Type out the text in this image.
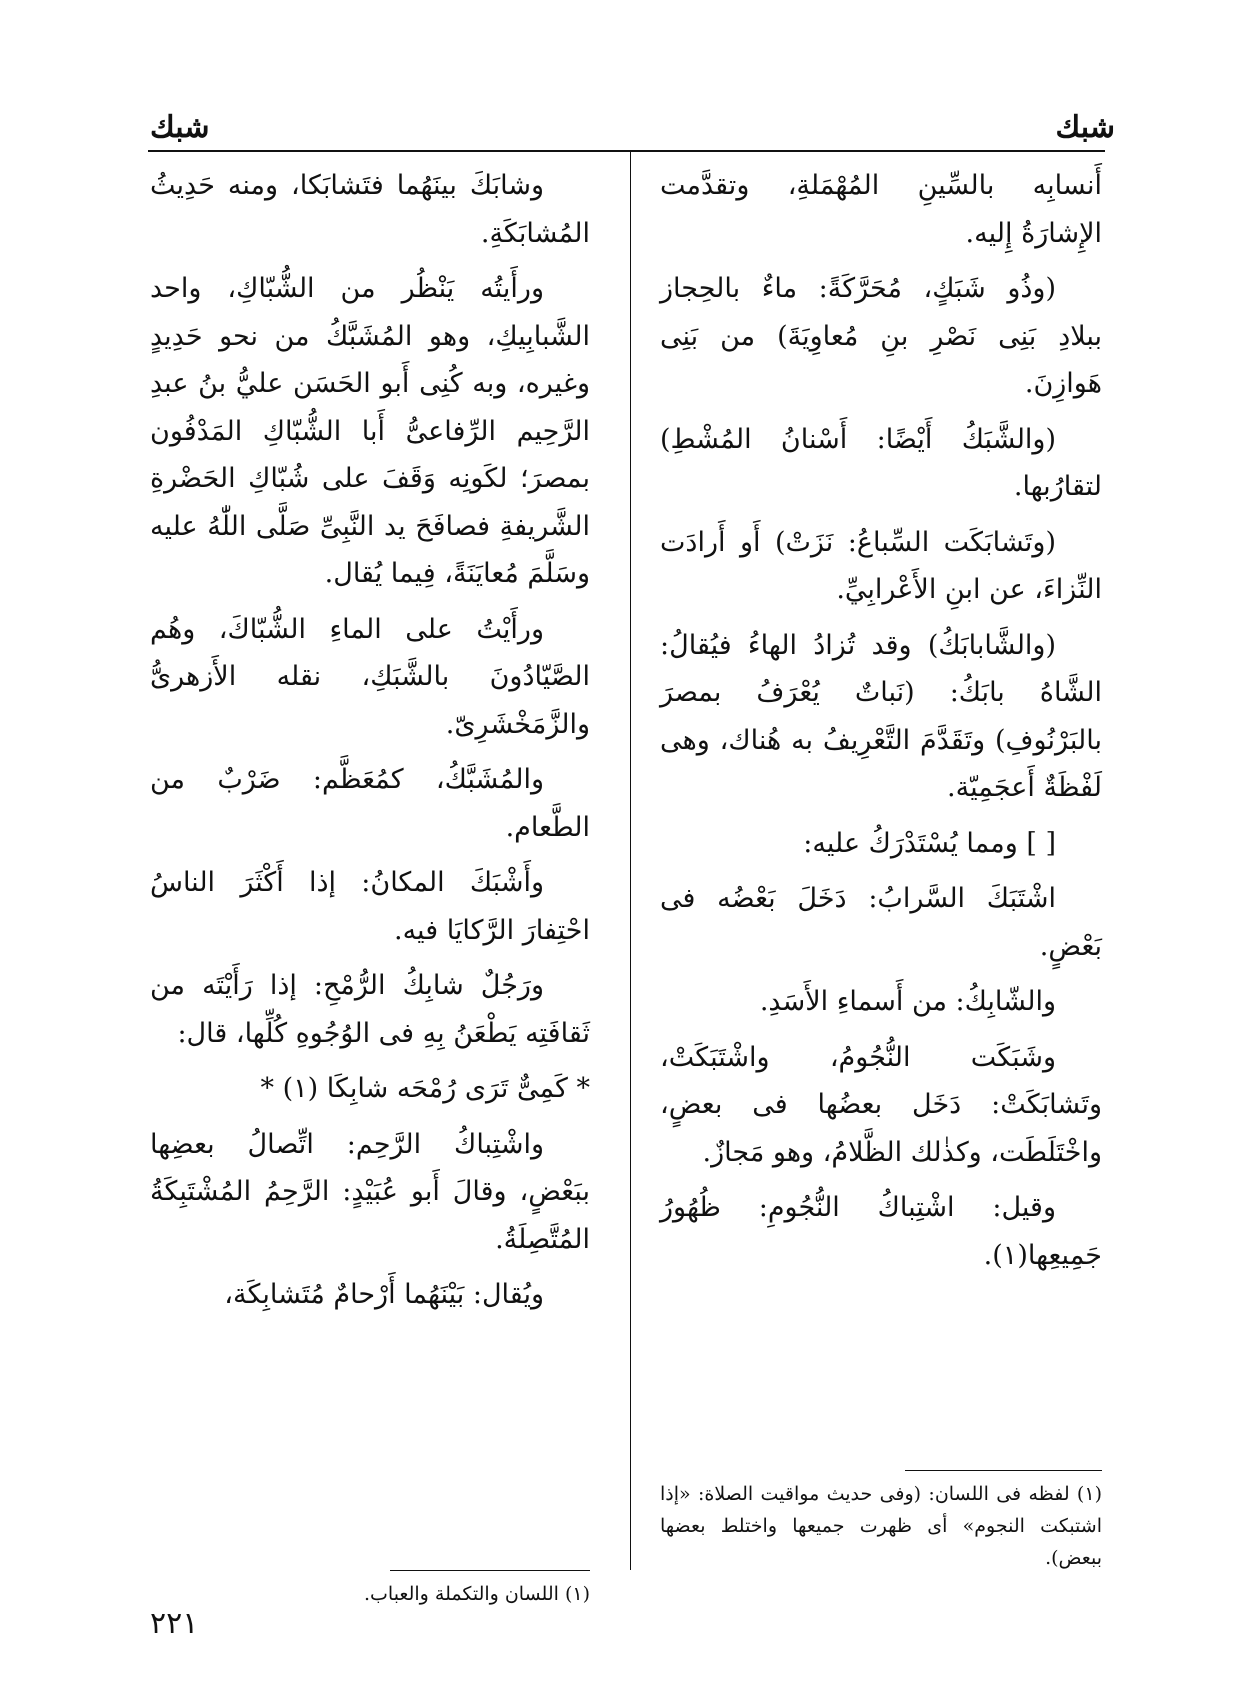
شبك
شبك

أَنسابِه بالسِّينِ المُهْمَلةِ، وتقدَّمت الإِشارَةُ إِليه.

(وذُو شَبَكٍ، مُحَرَّكَةً: ماءٌ بالحِجاز ببلادِ بَنِى نَصْرِ بنِ مُعاوِيَةَ) من بَنِى هَوازِنَ.

(والشَّبَكُ أَيْضًا: أَسْنانُ المُشْطِ) لتقارُبها.

(وتَشابَكَت السِّباعُ: نَزَتْ) أَو أَرادَت النِّزاءَ، عن ابنِ الأَعْرابِيِّ.

(والشَّابابَكُ) وقد تُزادُ الهاءُ فيُقالُ: الشَّاهُ بابَكُ: (نَباتٌ يُعْرَفُ بمصرَ بالبَرْنُوفِ) وتَقَدَّمَ التَّعْرِيفُ به هُناك، وهى لَفْظَةٌ أَعجَمِيّة.

[ ] ومما يُسْتَدْرَكُ عليه:

اشْتَبَكَ السَّرابُ: دَخَلَ بَعْضُه فى بَعْضٍ.

والشّابِكُ: من أَسماءِ الأَسَدِ.

وشَبَكَت النُّجُومُ، واشْتَبَكَتْ، وتَشابَكَتْ: دَخَل بعضُها فى بعضٍ، واخْتَلَطَت، وكذٰلك الظَّلامُ، وهو مَجازٌ.

وقيل: اشْتِباكُ النُّجُومِ: ظُهُورُ جَمِيعِها(١).

(١) لفظه فى اللسان: (وفى حديث مواقيت الصلاة: «إذا اشتبكت النجوم» أى ظهرت جميعها واختلط بعضها ببعض).

وشابَكَ بينَهُما فتَشابَكا، ومنه حَدِيثُ المُشابَكَةِ.

ورأَيتُه يَنْظُر من الشُّبّاكِ، واحد الشَّبابِيكِ، وهو المُشَبَّكُ من نحو حَدِيدٍ وغيره، وبه كُنِى أَبو الحَسَن عليُّ بنُ عبدِ الرَّحِيم الرِّفاعىُّ أَبا الشُّبّاكِ المَدْفُون بمصرَ؛ لكَونِه وَقَفَ على شُبّاكِ الحَضْرةِ الشَّريفةِ فصافَحَ يد النَّبِىِّ صَلَّى اللّٰهُ عليه وسَلَّمَ مُعايَنَةً، فِيما يُقال.

ورأَيْتُ على الماءِ الشُّبّاكَ، وهُم الصَّيّادُونَ بالشَّبَكِ، نقله الأَزهرىُّ والزَّمَخْشَرِىّ.

والمُشَبَّكُ، كمُعَظَّم: ضَرْبٌ من الطَّعام.

وأَشْبَكَ المكانُ: إذا أَكْثَرَ الناسُ احْتِفارَ الرَّكايَا فيه.

ورَجُلٌ شابِكُ الرُّمْحِ: إذا رَأَيْتَه من ثَقافَتِه يَطْعَنُ بِهِ فى الوُجُوهِ كُلِّها، قال:

* كَمِىٌّ تَرَى رُمْحَه شابِكَا (١) *

واشْتِباكُ الرَّحِم: اتِّصالُ بعضِها ببَعْضٍ، وقالَ أَبو عُبَيْدٍ: الرَّحِمُ المُشْتَبِكَةُ المُتَّصِلَةُ.

ويُقال: بَيْنَهُما أَرْحامٌ مُتَشابِكَة،

(١) اللسان والتكملة والعباب.
٢٢١
